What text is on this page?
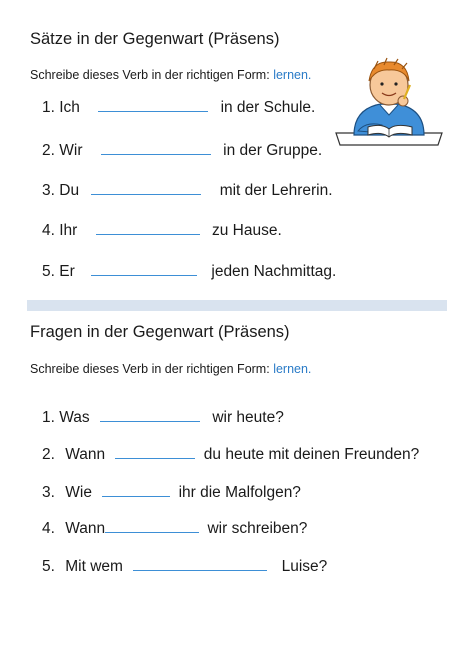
Sätze in der Gegenwart (Präsens)
Schreibe dieses Verb in der richtigen Form: lernen.
1. Ich	in der Schule.
2. Wir	in der Gruppe.
3. Du	mit der Lehrerin.
4. Ihr	zu Hause.
5. Er	jeden Nachmittag.
Fragen in der Gegenwart (Präsens)
Schreibe dieses Verb in der richtigen Form: lernen.
1. Was	wir heute?
2. Wann	du heute mit deinen Freunden?
3. Wie	ihr die Malfolgen?
4. Wann	wir schreiben?
5. Mit wem	Luise?
